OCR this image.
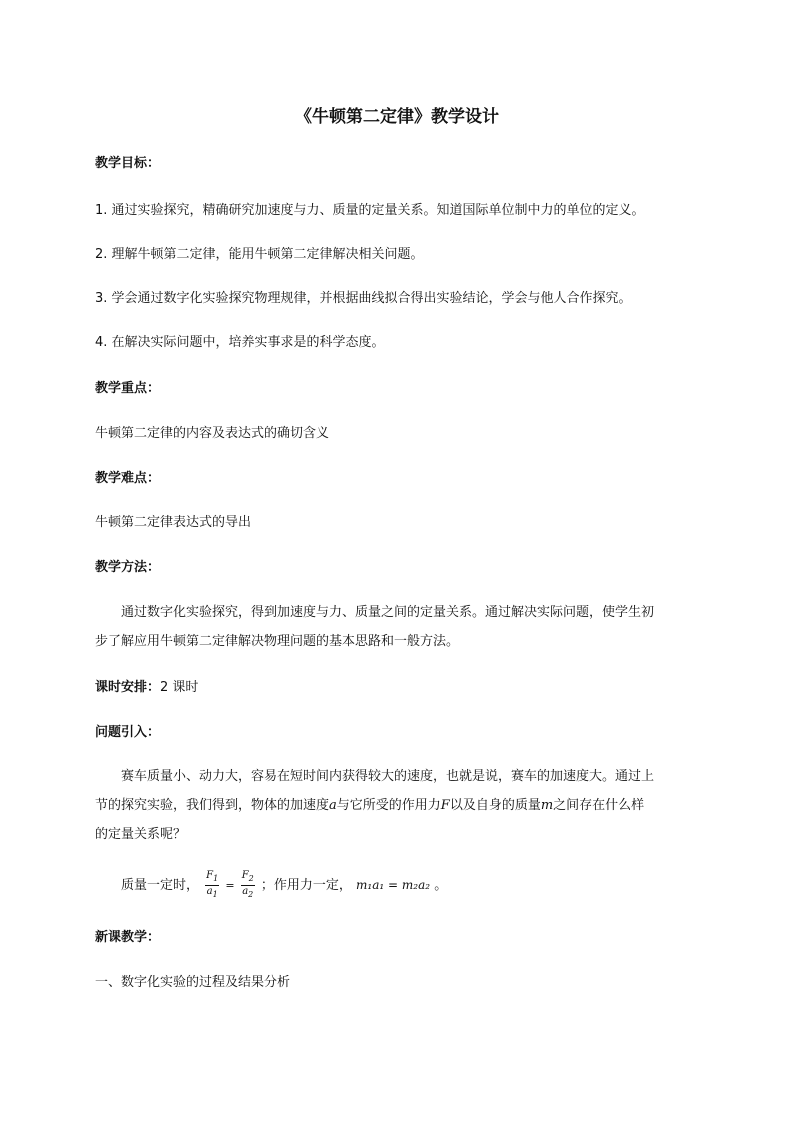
《牛顿第二定律》教学设计
教学目标：
1. 通过实验探究，精确研究加速度与力、质量的定量关系。知道国际单位制中力的单位的定义。
2. 理解牛顿第二定律，能用牛顿第二定律解决相关问题。
3. 学会通过数字化实验探究物理规律，并根据曲线拟合得出实验结论，学会与他人合作探究。
4. 在解决实际问题中，培养实事求是的科学态度。
教学重点：
牛顿第二定律的内容及表达式的确切含义
教学难点：
牛顿第二定律表达式的导出
教学方法：
通过数字化实验探究，得到加速度与力、质量之间的定量关系。通过解决实际问题，使学生初
步了解应用牛顿第二定律解决物理问题的基本思路和一般方法。
课时安排：2 课时
问题引入：
赛车质量小、动力大，容易在短时间内获得较大的速度，也就是说，赛车的加速度大。通过上
节的探究实验，我们得到，物体的加速度a与它所受的作用力F以及自身的质量m之间存在什么样
的定量关系呢？
质量一定时， $\frac{F_1}{a_1} = \frac{F_2}{a_2}$ ；作用力一定， m₁a₁ = m₂a₂ 。
新课教学：
一、数字化实验的过程及结果分析
